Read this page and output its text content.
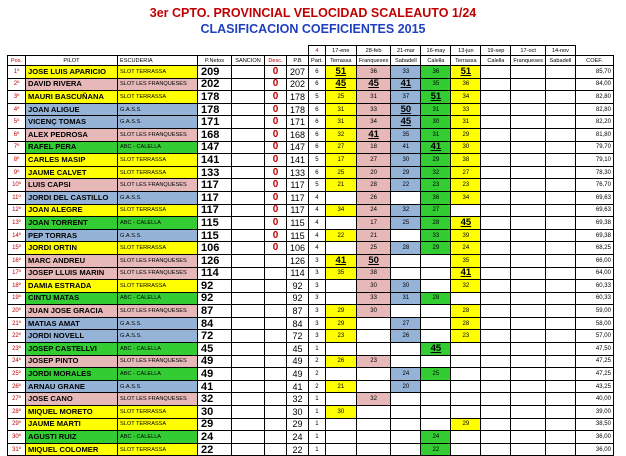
3er CPTO. PROVINCIAL VELOCIDAD SCALEAUTO 1/24
CLASIFICACION COEFICIENTES 2015
							4	17-ene	28-feb	21-mar	16-may	13-jun	19-sep	17-oct	14-nov	
Pos.	PILOT	ESCUDERIA	P.Netos	SANCION	Desc.	P.B	Part.	Terrassa	Franqueses	Sabadell	Calella	Terrassa	Calella	Franqueses	Sabadell	COEF.
1º	JOSE LUIS APARICIO	SLOT TERRASSA	209		0	207	6	51	36	33	36	51				85,70
2º	DAVID RIVERA	SLOT LES FRANQUESES	202		0	202	6	45	45	41	35	36				84,00
3º	MAURI BASCUÑANA	SLOT TERRASSA	178		0	178	5	25	31	37	51	34				82,80
4º	JOAN ALIGUE	G.A.S.S.	178		0	178	6	31	33	50	31	33				82,80
5º	VICENÇ TOMAS	G.A.S.S.	171		0	171	6	31	34	45	30	31				82,20
6º	ALEX PEDROSA	SLOT LES FRANQUESES	168		0	168	6	32	41	35	31	29				81,80
7º	RAFEL PERA	ABC - CALELLA	147		0	147	6	27	18	41	41	30				79,70
8º	CARLES MASIP	SLOT TERRASSA	141		0	141	5	17	27	30	29	38				79,10
9º	JAUME CALVET	SLOT TERRASSA	133		0	133	6	25	20	29	32	27				78,30
10º	LUIS CAPSI	SLOT LES FRANQUESES	117		0	117	5	21	28	22	23	23				76,70
11º	JORDI DEL CASTILLO	G.A.S.S.	117		0	117	4		26		36	34				69,63
12º	JOAN ALEGRE	SLOT TERRASSA	117		0	117	4	34	24	32	27					69,63
13º	JOAN TORRENT	ABC - CALELLA	115		0	115	4		17	25	28	45				69,38
14º	PEP TORRAS	G.A.S.S.	115		0	115	4	22	21		33	39				69,38
15º	JORDI ORTIN	SLOT TERRASSA	106		0	106	4		25	28	29	24				68,25
16º	MARC ANDREU	SLOT LES FRANQUESES	126			126	3	41	50			35				66,00
17º	JOSEP LLUIS MARIN	SLOT LES FRANQUESES	114			114	3	35	38			41				64,00
18º	DAMIA ESTRADA	SLOT TERRASSA	92			92	3		30	30		32				60,33
19º	CINTU MATAS	ABC - CALELLA	92			92	3		33	31	28					60,33
20º	JUAN JOSE GRACIA	SLOT LES FRANQUESES	87			87	3	29	30			28				59,00
21º	MATIAS AMAT	G.A.S.S.	84			84	3	29		27		28				58,00
22º	JORDI NOVELL	G.A.S.S.	72			72	3	23		26		23				57,00
23º	JOSEP CASTELLVI	ABC - CALELLA	45			45	1				45					47,50
24º	JOSEP PINTO	SLOT LES FRANQUESES	49			49	2	26	23							47,25
25º	JORDI MORALES	ABC - CALELLA	49			49	2			24	25					47,25
26º	ARNAU GRANE	G.A.S.S.	41			41	2	21		20						43,25
27º	JOSE CANO	SLOT LES FRANQUESES	32			32	1		32							40,00
28º	MIQUEL MORETO	SLOT TERRASSA	30			30	1	30								39,00
29º	JAUME MARTI	SLOT TERRASSA	29			29	1					29				38,50
30º	AGUSTI RUIZ	ABC - CALELLA	24			24	1				24					36,00
31º	MIQUEL COLOMER	SLOT TERRASSA	22			22	1				22					36,00
